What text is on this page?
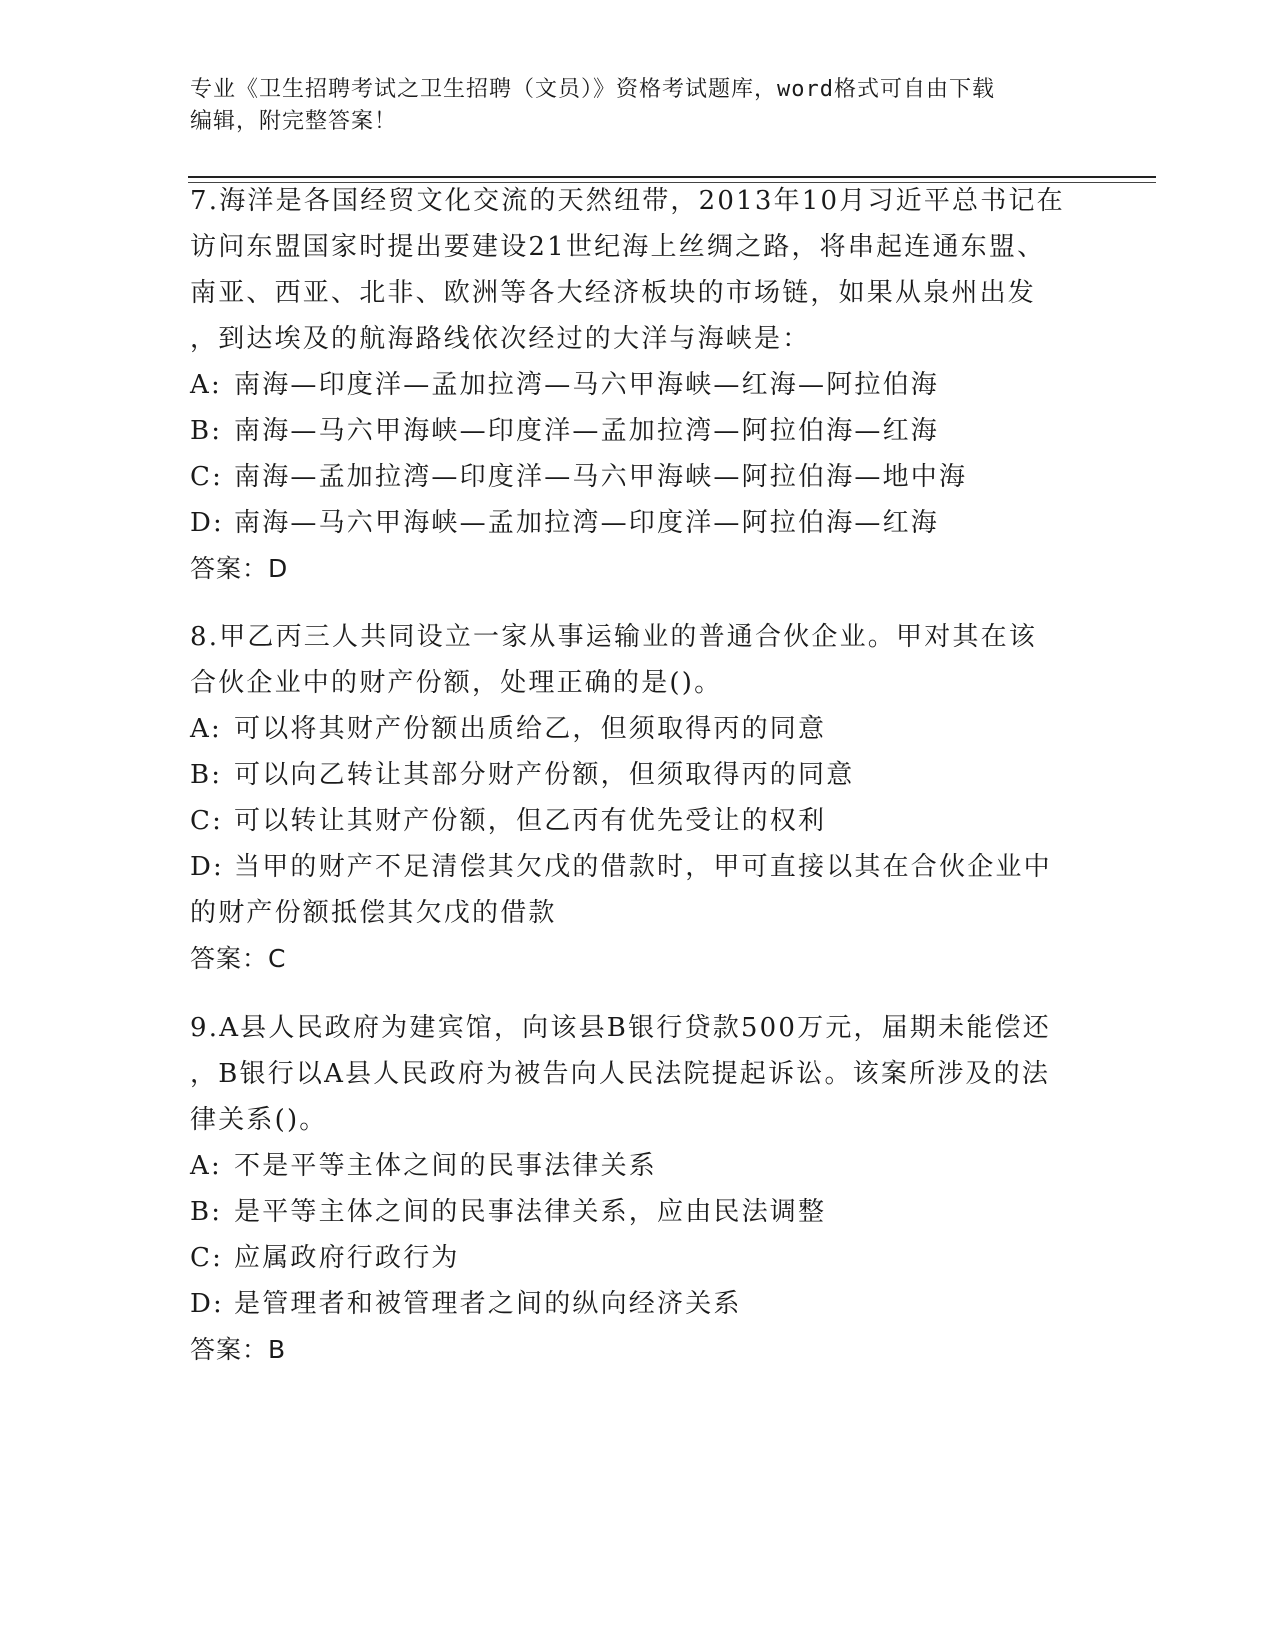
专业《卫生招聘考试之卫生招聘（文员）》资格考试题库，word格式可自由下载
编辑，附完整答案！
7.海洋是各国经贸文化交流的天然纽带，2013年10月习近平总书记在
访问东盟国家时提出要建设21世纪海上丝绸之路，将串起连通东盟、
南亚、西亚、北非、欧洲等各大经济板块的市场链，如果从泉州出发
，到达埃及的航海路线依次经过的大洋与海峡是：
A: 南海—印度洋—孟加拉湾—马六甲海峡—红海—阿拉伯海
B: 南海—马六甲海峡—印度洋—孟加拉湾—阿拉伯海—红海
C: 南海—孟加拉湾—印度洋—马六甲海峡—阿拉伯海—地中海
D: 南海—马六甲海峡—孟加拉湾—印度洋—阿拉伯海—红海
答案：D
8.甲乙丙三人共同设立一家从事运输业的普通合伙企业。甲对其在该
合伙企业中的财产份额，处理正确的是()。
A: 可以将其财产份额出质给乙，但须取得丙的同意
B: 可以向乙转让其部分财产份额，但须取得丙的同意
C: 可以转让其财产份额，但乙丙有优先受让的权利
D: 当甲的财产不足清偿其欠戊的借款时，甲可直接以其在合伙企业中
的财产份额抵偿其欠戊的借款
答案：C
9.A县人民政府为建宾馆，向该县B银行贷款500万元，届期未能偿还
，B银行以A县人民政府为被告向人民法院提起诉讼。该案所涉及的法
律关系()。
A: 不是平等主体之间的民事法律关系
B: 是平等主体之间的民事法律关系，应由民法调整
C: 应属政府行政行为
D: 是管理者和被管理者之间的纵向经济关系
答案：B
